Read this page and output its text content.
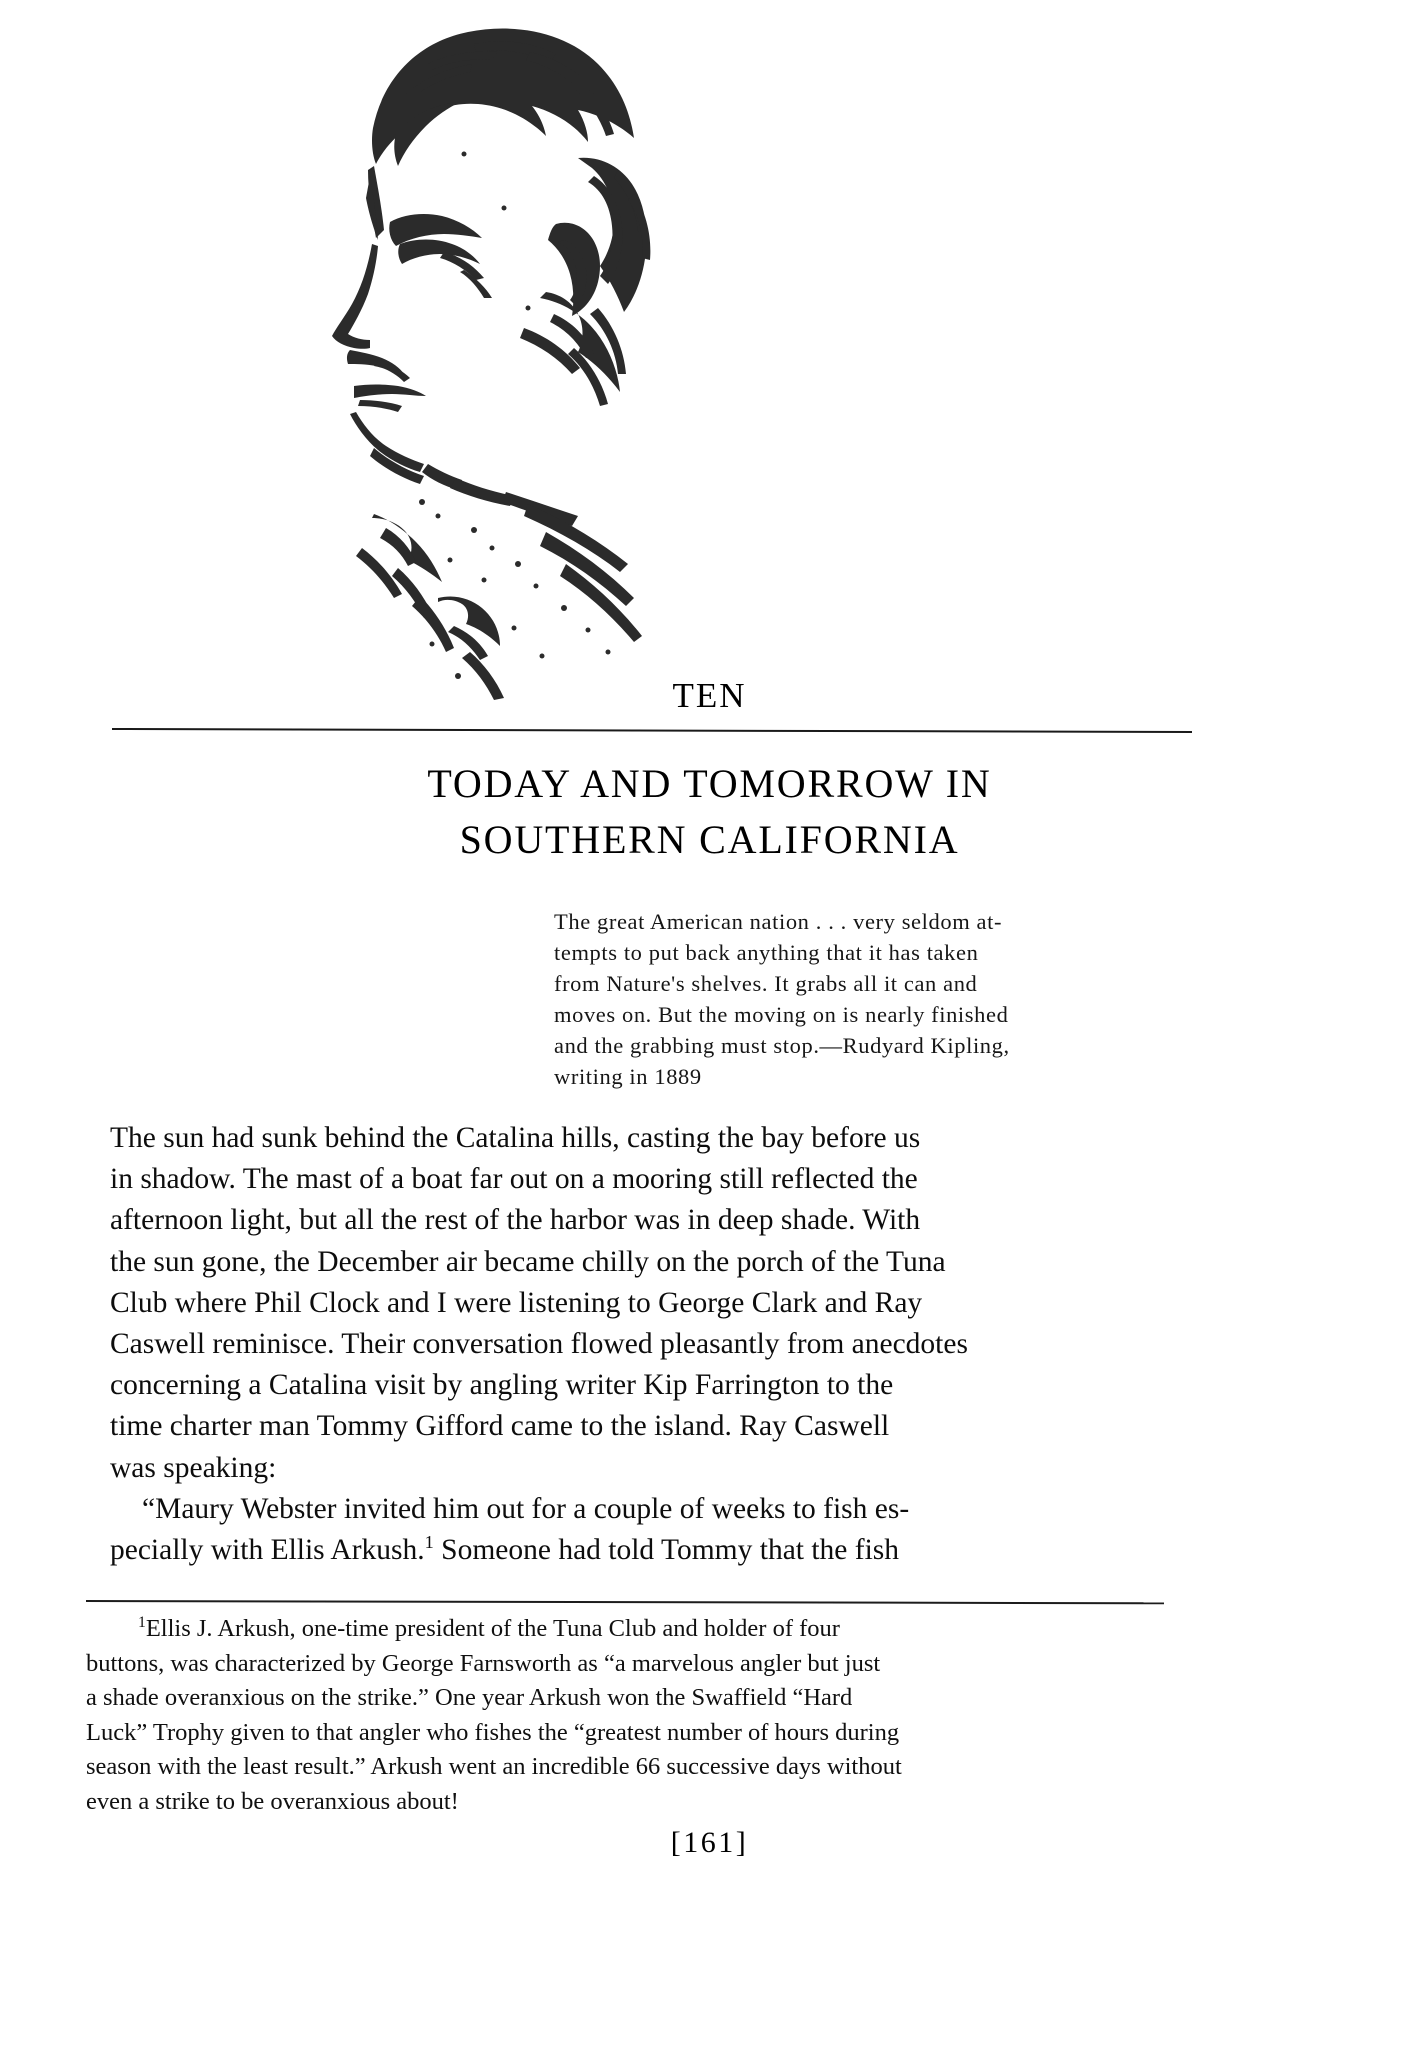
TEN
TODAY AND TOMORROW IN
SOUTHERN CALIFORNIA
The great American nation . . . very seldom at-
tempts to put back anything that it has taken
from Nature's shelves. It grabs all it can and
moves on. But the moving on is nearly finished
and the grabbing must stop.—Rudyard Kipling,
writing in 1889
The sun had sunk behind the Catalina hills, casting the bay before us
in shadow. The mast of a boat far out on a mooring still reflected the
afternoon light, but all the rest of the harbor was in deep shade. With
the sun gone, the December air became chilly on the porch of the Tuna
Club where Phil Clock and I were listening to George Clark and Ray
Caswell reminisce. Their conversation flowed pleasantly from anecdotes
concerning a Catalina visit by angling writer Kip Farrington to the
time charter man Tommy Gifford came to the island. Ray Caswell
was speaking:
“Maury Webster invited him out for a couple of weeks to fish es-
pecially with Ellis Arkush.$^1$ Someone had told Tommy that the fish
$^1$Ellis J. Arkush, one-time president of the Tuna Club and holder of four
buttons, was characterized by George Farnsworth as “a marvelous angler but just
a shade overanxious on the strike.” One year Arkush won the Swaffield “Hard
Luck” Trophy given to that angler who fishes the “greatest number of hours during
season with the least result.” Arkush went an incredible 66 successive days without
even a strike to be overanxious about!
[161]
